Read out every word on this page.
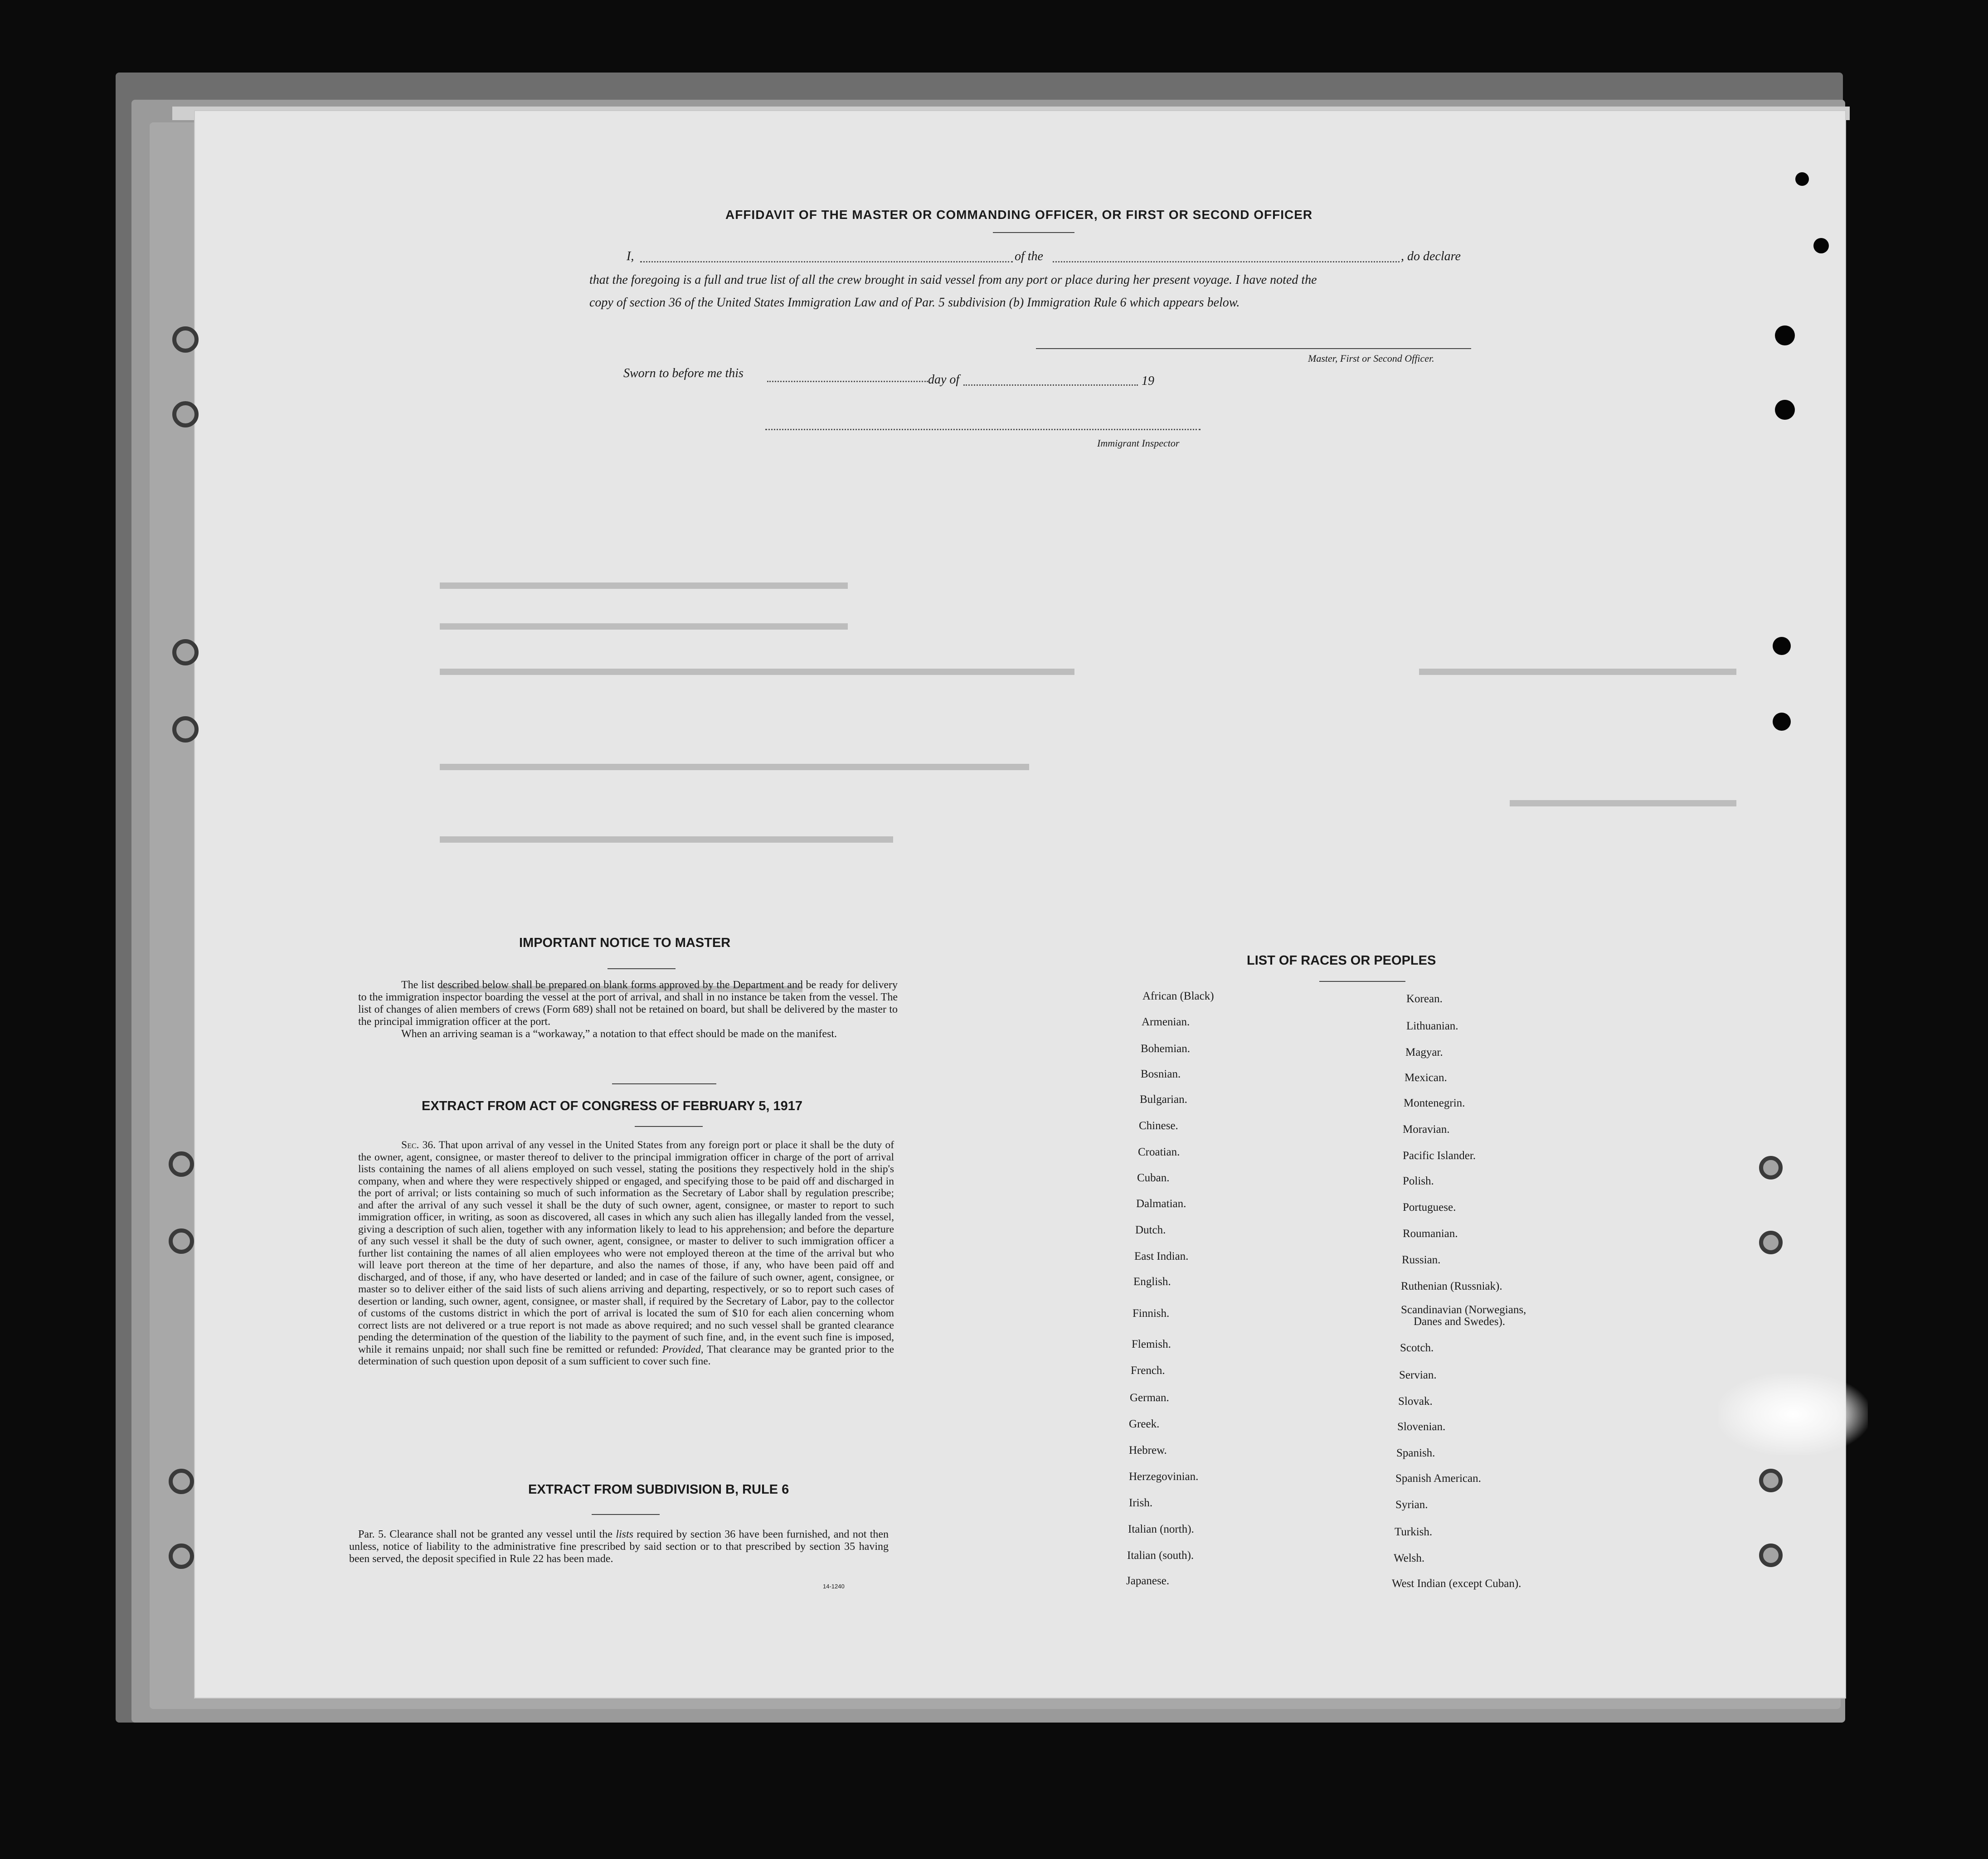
AFFIDAVIT OF THE MASTER OR COMMANDING OFFICER, OR FIRST OR SECOND OFFICER
I,	of the	, do declare
that the foregoing is a full and true list of all the crew brought in said vessel from any port or place during her present voyage. I have noted the
copy of section 36 of the United States Immigration Law and of Par. 5 subdivision (b) Immigration Rule 6 which appears below.
Master, First or Second Officer.
Sworn to before me this	day of	19
Immigrant Inspector
IMPORTANT NOTICE TO MASTER

The list described below shall be prepared on blank forms approved by the Department and be ready for delivery to the immigration inspector boarding the vessel at the port of arrival, and shall in no instance be taken from the vessel. The list of changes of alien members of crews (Form 689) shall not be retained on board, but shall be delivered by the master to the principal immigration officer at the port.

When an arriving seaman is a “workaway,” a notation to that effect should be made on the manifest.

EXTRACT FROM ACT OF CONGRESS OF FEBRUARY 5, 1917

Sec. 36. That upon arrival of any vessel in the United States from any foreign port or place it shall be the duty of the owner, agent, consignee, or master thereof to deliver to the principal immigration officer in charge of the port of arrival lists containing the names of all aliens employed on such vessel, stating the positions they respectively hold in the ship's company, when and where they were respectively shipped or engaged, and specifying those to be paid off and discharged in the port of arrival; or lists containing so much of such information as the Secretary of Labor shall by regulation prescribe; and after the arrival of any such vessel it shall be the duty of such owner, agent, consignee, or master to report to such immigration officer, in writing, as soon as discovered, all cases in which any such alien has illegally landed from the vessel, giving a description of such alien, together with any information likely to lead to his apprehension; and before the departure of any such vessel it shall be the duty of such owner, agent, consignee, or master to deliver to such immigration officer a further list containing the names of all alien employees who were not employed thereon at the time of the arrival but who will leave port thereon at the time of her departure, and also the names of those, if any, who have been paid off and discharged, and of those, if any, who have deserted or landed; and in case of the failure of such owner, agent, consignee, or master so to deliver either of the said lists of such aliens arriving and departing, respectively, or so to report such cases of desertion or landing, such owner, agent, consignee, or master shall, if required by the Secretary of Labor, pay to the collector of customs of the customs district in which the port of arrival is located the sum of $10 for each alien concerning whom correct lists are not delivered or a true report is not made as above required; and no such vessel shall be granted clearance pending the determination of the question of the liability to the payment of such fine, and, in the event such fine is imposed, while it remains unpaid; nor shall such fine be remitted or refunded: Provided, That clearance may be granted prior to the determination of such question upon deposit of a sum sufficient to cover such fine.

EXTRACT FROM SUBDIVISION B, RULE 6

Par. 5. Clearance shall not be granted any vessel until the lists required by section 36 have been furnished, and not then unless, notice of liability to the administrative fine prescribed by said section or to that prescribed by section 35 having been served, the deposit specified in Rule 22 has been made.

14-1240
LIST OF RACES OR PEOPLES
African (Black)
Armenian.
Bohemian.
Bosnian.
Bulgarian.
Chinese.
Croatian.
Cuban.
Dalmatian.
Dutch.
East Indian.
English.
Finnish.
Flemish.
French.
German.
Greek.
Hebrew.
Herzegovinian.
Irish.
Italian (north).
Italian (south).
Japanese.
Korean.
Lithuanian.
Magyar.
Mexican.
Montenegrin.
Moravian.
Pacific Islander.
Polish.
Portuguese.
Roumanian.
Russian.
Ruthenian (Russniak).
Scandinavian (Norwegians,
Danes and Swedes).
Scotch.
Servian.
Slovak.
Slovenian.
Spanish.
Spanish American.
Syrian.
Turkish.
Welsh.
West Indian (except Cuban).
